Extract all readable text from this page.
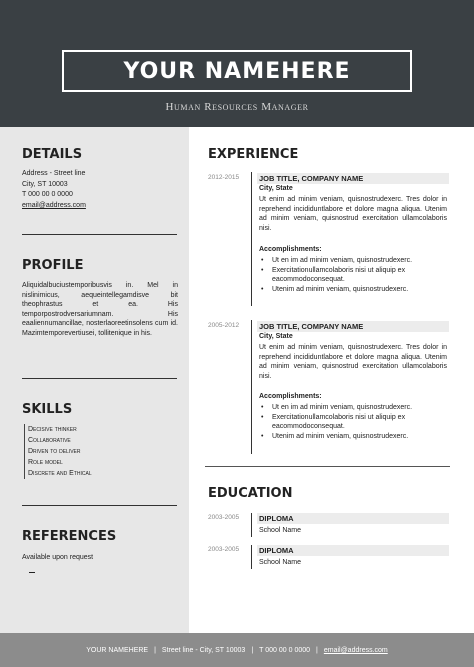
YOUR NAMEHERE
Human Resources Manager
DETAILS
Address - Street line
City, ST 10003
T 000 00 0 0000
email@address.com
PROFILE
Aliquidalbuciustemporibusvis in. Mel in nislinimicus, aequeintellegamdisve bit theophrastus et ea. His temporpostrodversariumnam. His eaaliennumancillae, nosterlaoreetinsolens cum id. Mazimtemporevertiusei, tollitenique in his.
SKILLS
Decisive thinker
Collaborative
Driven to deliver
Role model
Discrete and Ethical
REFERENCES
Available upon request
EXPERIENCE
2012-2015	JOB TITLE, COMPANY NAME
City, State
Ut enim ad minim veniam, quisnostrudexerc. Tres dolor in reprehend incididuntlabore et dolore magna aliqua. Utenim ad minim veniam, quisnostrud exercitation ullamcolaboris nisi.
Accomplishments:
• Ut en im ad minim veniam, quisnostrudexerc.
• Exercitationullamcolaboris nisi ut aliquip ex eacommodoconsequat.
• Utenim ad minim veniam, quisnostrudexerc.
2005-2012	JOB TITLE, COMPANY NAME
City, State
Ut enim ad minim veniam, quisnostrudexerc. Tres dolor in reprehend incididuntlabore et dolore magna aliqua. Utenim ad minim veniam, quisnostrud exercitation ullamcolaboris nisi.
Accomplishments:
• Ut en im ad minim veniam, quisnostrudexerc.
• Exercitationullamcolaboris nisi ut aliquip ex eacommodoconsequat.
• Utenim ad minim veniam, quisnostrudexerc.
EDUCATION
2003-2005	DIPLOMA
School Name
2003-2005	DIPLOMA
School Name
YOUR NAMEHERE | Street line - City, ST 10003 | T 000 00 0 0000 | email@address.com
